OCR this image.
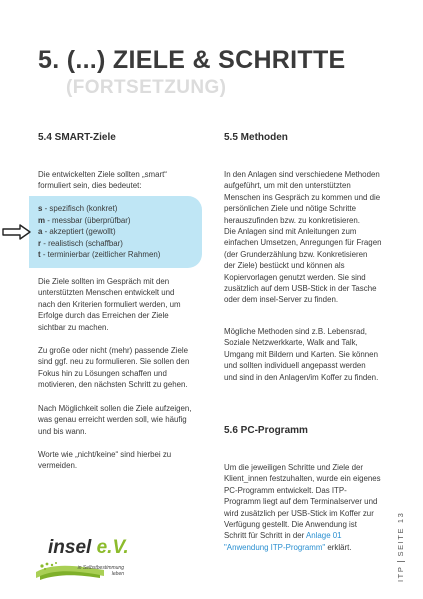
5. (...) ZIELE & SCHRITTE
(FORTSETZUNG)
5.4 SMART-Ziele
Die entwickelten Ziele sollten „smart“
formuliert sein, dies bedeutet:
s - spezifisch (konkret)
m - messbar (überprüfbar)
a - akzeptiert (gewollt)
r - realistisch (schaffbar)
t - terminierbar (zeitlicher Rahmen)
Die Ziele sollten im Gespräch mit den
unterstützten Menschen entwickelt und
nach den Kriterien formuliert werden, um
Erfolge durch das Erreichen der Ziele
sichtbar zu machen.
Zu große oder nicht (mehr) passende Ziele
sind ggf. neu zu formulieren. Sie sollen den
Fokus hin zu Lösungen schaffen und
motivieren, den nächsten Schritt zu gehen.
Nach Möglichkeit sollen die Ziele aufzeigen,
was genau erreicht werden soll, wie häufig
und bis wann.
Worte wie „nicht/keine“ sind hierbei zu
vermeiden.
5.5 Methoden
In den Anlagen sind verschiedene Methoden
aufgeführt, um mit den unterstützten
Menschen ins Gespräch zu kommen und die
persönlichen Ziele und nötige Schritte
herauszufinden bzw. zu konkretisieren.
Die Anlagen sind mit Anleitungen zum
einfachen Umsetzen, Anregungen für Fragen
(der Grunderzählung bzw. Konkretisieren
der Ziele) bestückt und können als
Kopiervorlagen genutzt werden. Sie sind
zusätzlich auf dem USB-Stick in der Tasche
oder dem insel-Server zu finden.
Mögliche Methoden sind z.B. Lebensrad,
Soziale Netzwerkkarte, Walk and Talk,
Umgang mit Bildern und Karten. Sie können
und sollten individuell angepasst werden
und sind in den Anlagen/im Koffer zu finden.
5.6 PC-Programm
Um die jeweiligen Schritte und Ziele der
Klient_innen festzuhalten, wurde ein eigenes
PC-Programm entwickelt. Das ITP-
Programm liegt auf dem Terminalserver und
wird zusätzlich per USB-Stick im Koffer zur
Verfügung gestellt. Die Anwendung ist
Schritt für Schritt in der Anlage 01
"Anwendung ITP-Programm" erklärt.
ITPSEITE 13
insel e.V.
in Selbstbestimmung
leben
